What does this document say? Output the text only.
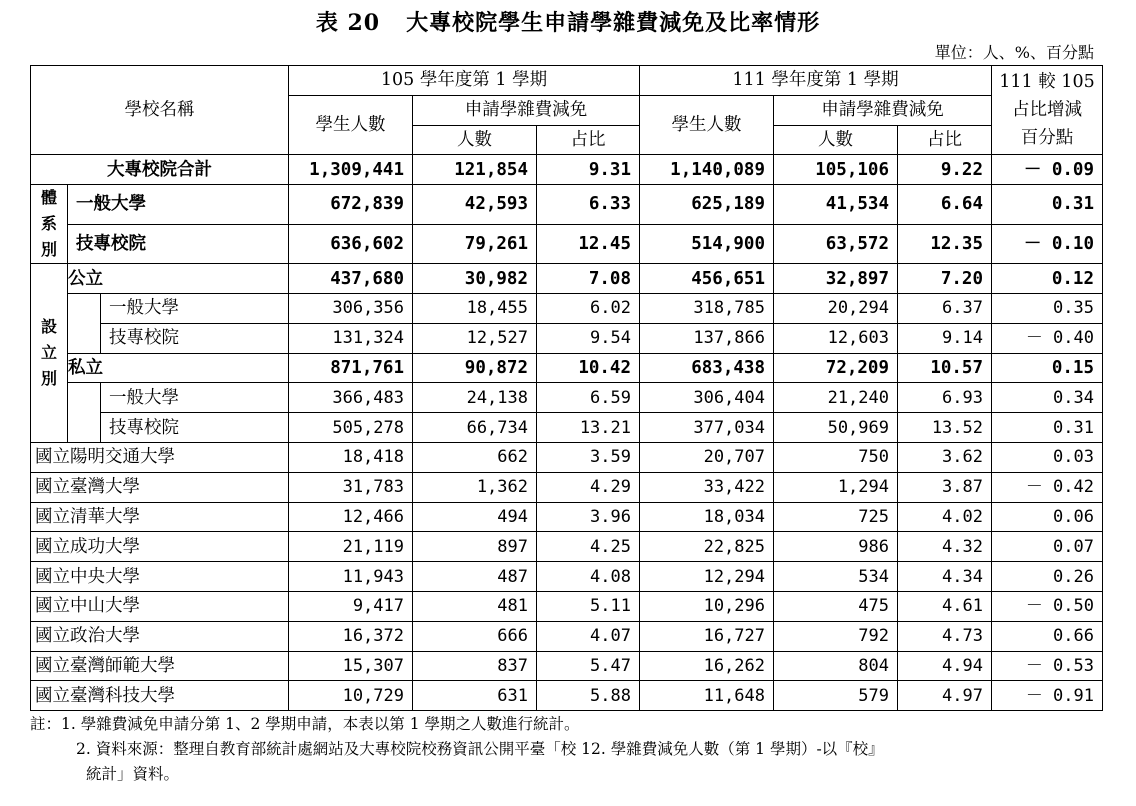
表 20 大專校院學生申請學雜費減免及比率情形
單位：人、%、百分點
學校名稱			105 學年度第 1 學期			111 學年度第 1 學期			111 較 105
占比增減
百分點

			學生人數	申請學雜費減免		學生人數	申請學雜費減免		
				人數	占比		人數	占比	
大專校院合計			1,309,441	121,854	9.31	1,140,089	105,106	9.22	－ 0.09
體系別	一般大學		672,839	42,593	6.33	625,189	41,534	6.64	0.31
	技專校院		636,602	79,261	12.45	514,900	63,572	12.35	－ 0.10
設立別	公立		437,680	30,982	7.08	456,651	32,897	7.20	0.12
		一般大學	306,356	18,455	6.02	318,785	20,294	6.37	0.35
		技專校院	131,324	12,527	9.54	137,866	12,603	9.14	－ 0.40
	私立		871,761	90,872	10.42	683,438	72,209	10.57	0.15
		一般大學	366,483	24,138	6.59	306,404	21,240	6.93	0.34
		技專校院	505,278	66,734	13.21	377,034	50,969	13.52	0.31
國立陽明交通大學			18,418	662	3.59	20,707	750	3.62	0.03
國立臺灣大學			31,783	1,362	4.29	33,422	1,294	3.87	－ 0.42
國立清華大學			12,466	494	3.96	18,034	725	4.02	0.06
國立成功大學			21,119	897	4.25	22,825	986	4.32	0.07
國立中央大學			11,943	487	4.08	12,294	534	4.34	0.26
國立中山大學			9,417	481	5.11	10,296	475	4.61	－ 0.50
國立政治大學			16,372	666	4.07	16,727	792	4.73	0.66
國立臺灣師範大學			15,307	837	5.47	16,262	804	4.94	－ 0.53
國立臺灣科技大學			10,729	631	5.88	11,648	579	4.97	－ 0.91
註：1. 學雜費減免申請分第 1、2 學期申請，本表以第 1 學期之人數進行統計。
2. 資料來源：整理自教育部統計處網站及大專校院校務資訊公開平臺「校 12. 學雜費減免人數（第 1 學期）-以『校』
統計」資料。
